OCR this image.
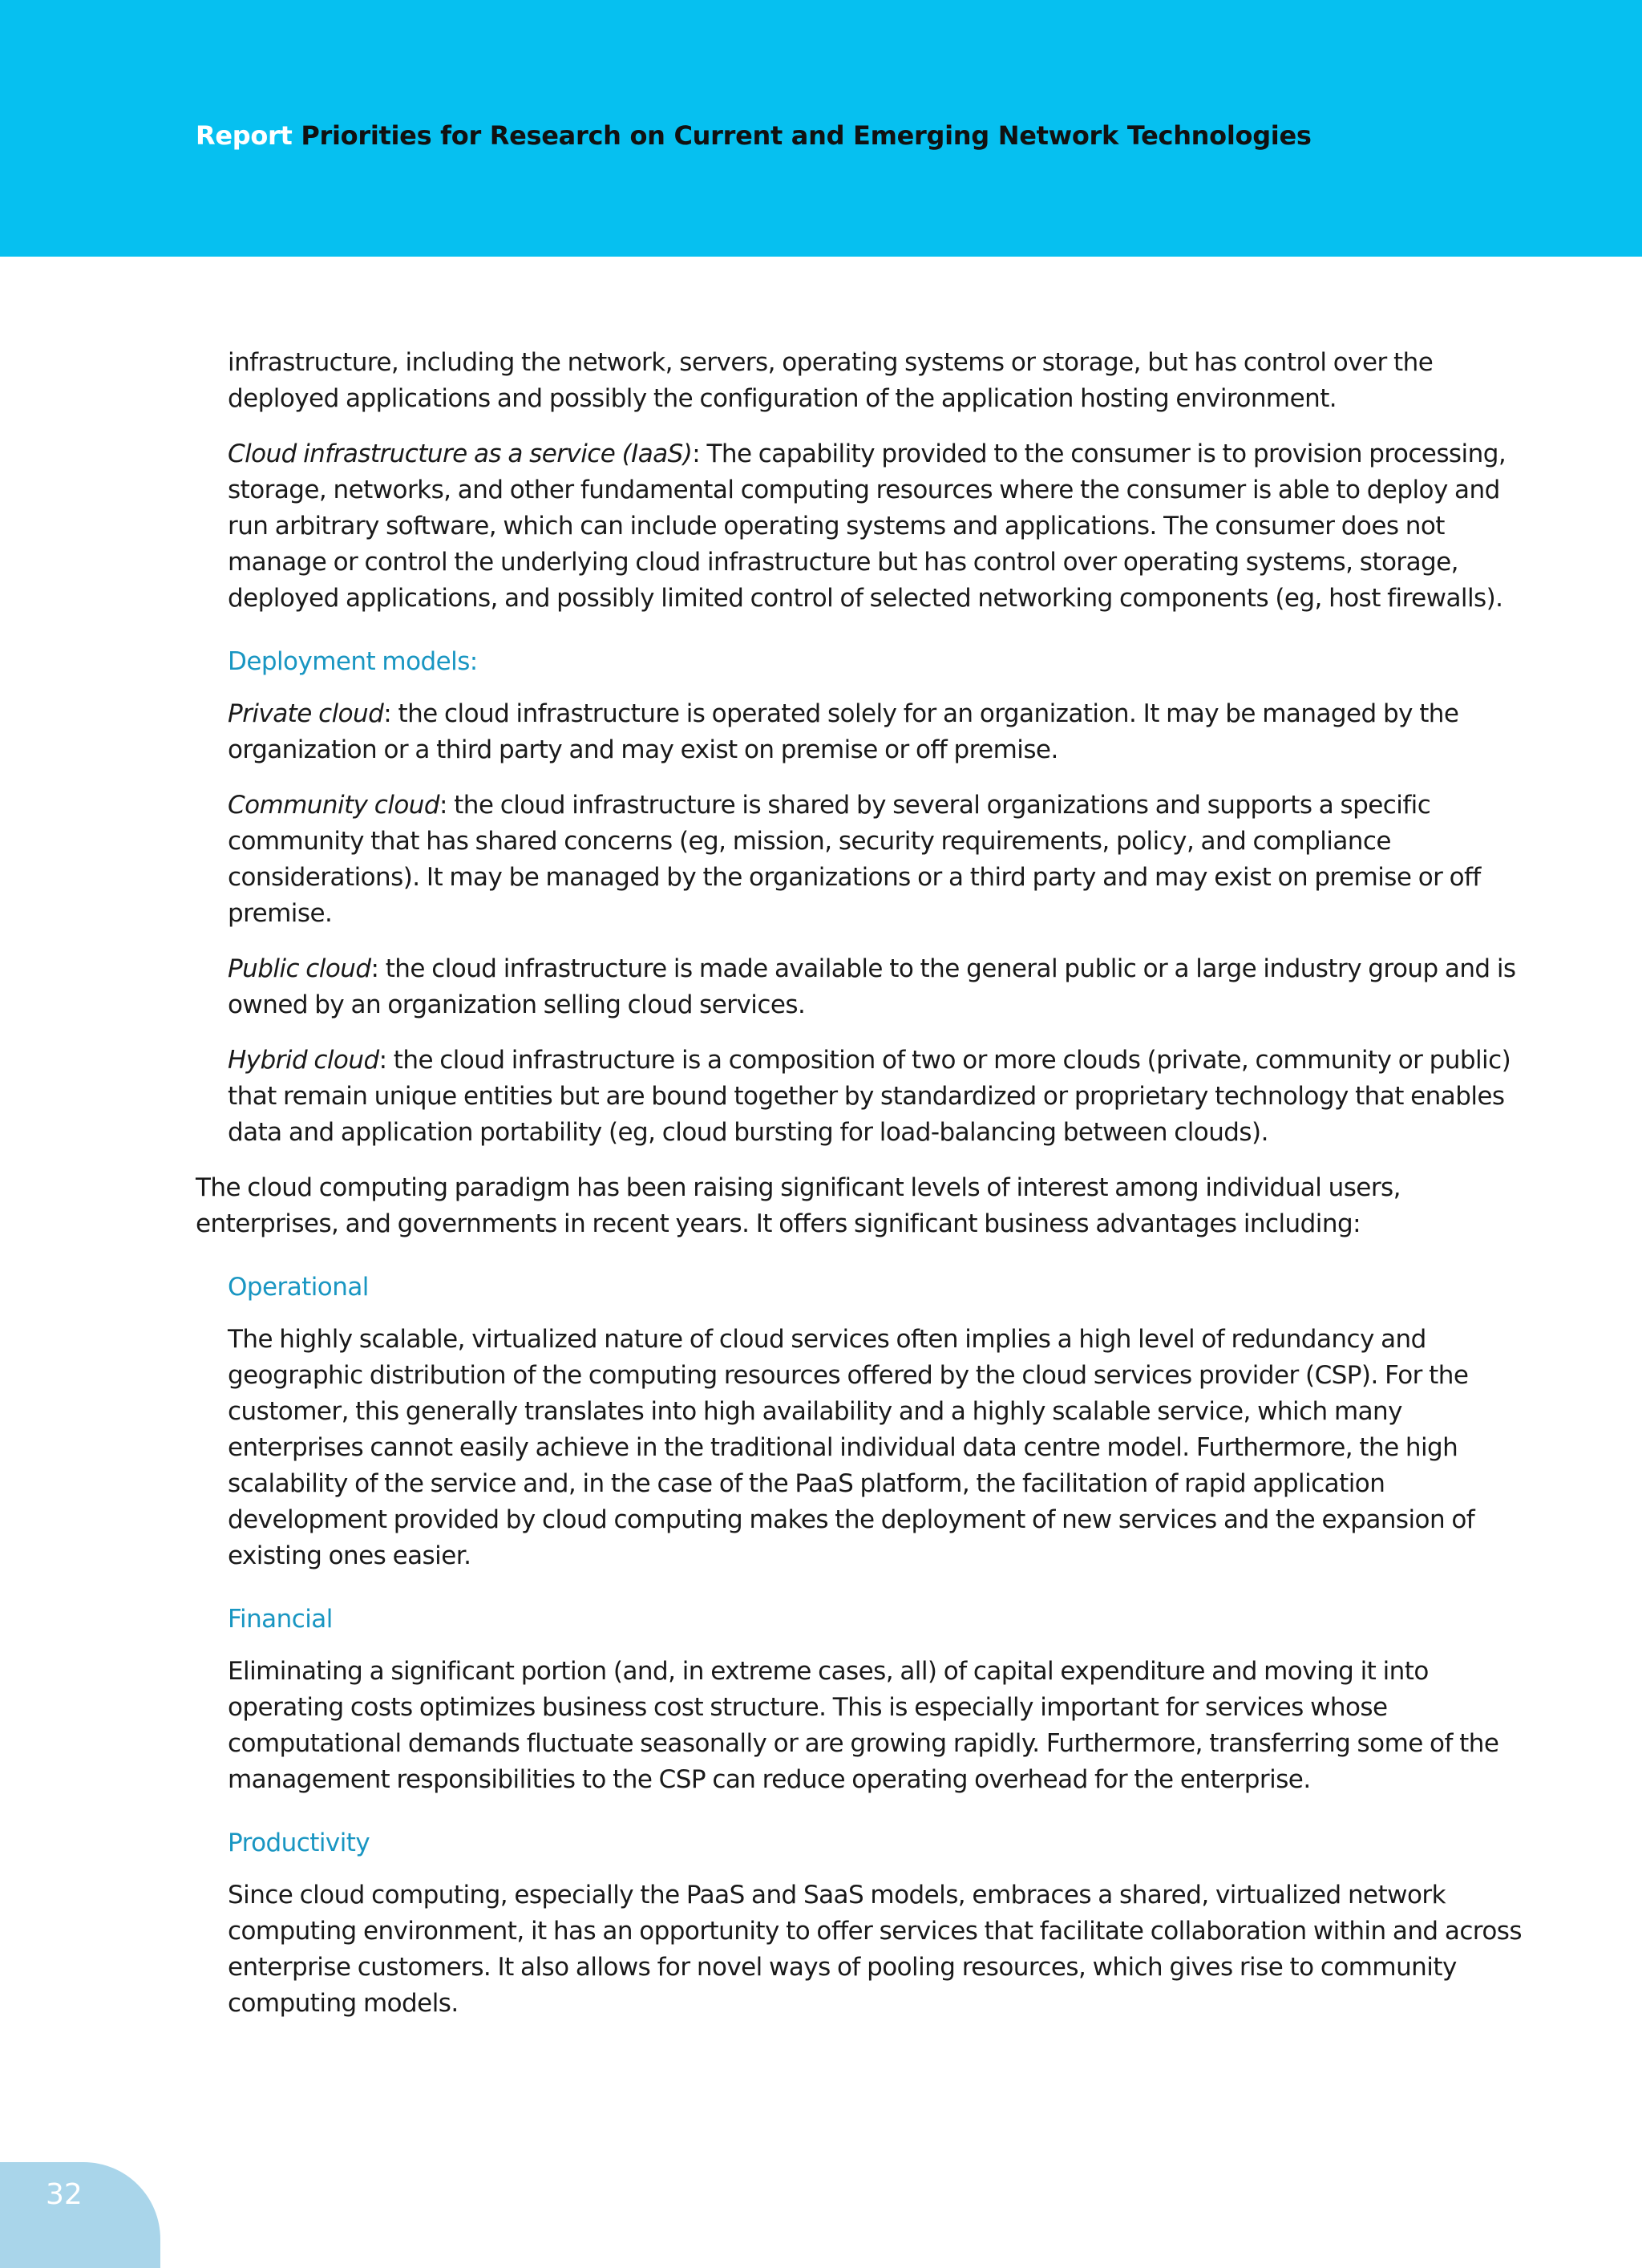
Report Priorities for Research on Current and Emerging Network Technologies

infrastructure, including the network, servers, operating systems or storage, but has control over the deployed applications and possibly the configuration of the application hosting environment.

Cloud infrastructure as a service (IaaS): The capability provided to the consumer is to provision processing, storage, networks, and other fundamental computing resources where the consumer is able to deploy and run arbitrary software, which can include operating systems and applications. The consumer does not manage or control the underlying cloud infrastructure but has control over operating systems, storage, deployed applications, and possibly limited control of selected networking components (eg, host firewalls).

Deployment models:

Private cloud: the cloud infrastructure is operated solely for an organization. It may be managed by the organization or a third party and may exist on premise or off premise.

Community cloud: the cloud infrastructure is shared by several organizations and supports a specific community that has shared concerns (eg, mission, security requirements, policy, and compliance considerations). It may be managed by the organizations or a third party and may exist on premise or off premise.

Public cloud: the cloud infrastructure is made available to the general public or a large industry group and is owned by an organization selling cloud services.

Hybrid cloud: the cloud infrastructure is a composition of two or more clouds (private, community or public) that remain unique entities but are bound together by standardized or proprietary technology that enables data and application portability (eg, cloud bursting for load-balancing between clouds).

The cloud computing paradigm has been raising significant levels of interest among individual users, enterprises, and governments in recent years. It offers significant business advantages including:

Operational

The highly scalable, virtualized nature of cloud services often implies a high level of redundancy and geographic distribution of the computing resources offered by the cloud services provider (CSP). For the customer, this generally translates into high availability and a highly scalable service, which many enterprises cannot easily achieve in the traditional individual data centre model. Furthermore, the high scalability of the service and, in the case of the PaaS platform, the facilitation of rapid application development provided by cloud computing makes the deployment of new services and the expansion of existing ones easier.

Financial

Eliminating a significant portion (and, in extreme cases, all) of capital expenditure and moving it into operating costs optimizes business cost structure. This is especially important for services whose computational demands fluctuate seasonally or are growing rapidly. Furthermore, transferring some of the management responsibilities to the CSP can reduce operating overhead for the enterprise.

Productivity

Since cloud computing, especially the PaaS and SaaS models, embraces a shared, virtualized network computing environment, it has an opportunity to offer services that facilitate collaboration within and across enterprise customers. It also allows for novel ways of pooling resources, which gives rise to community computing models.

32
